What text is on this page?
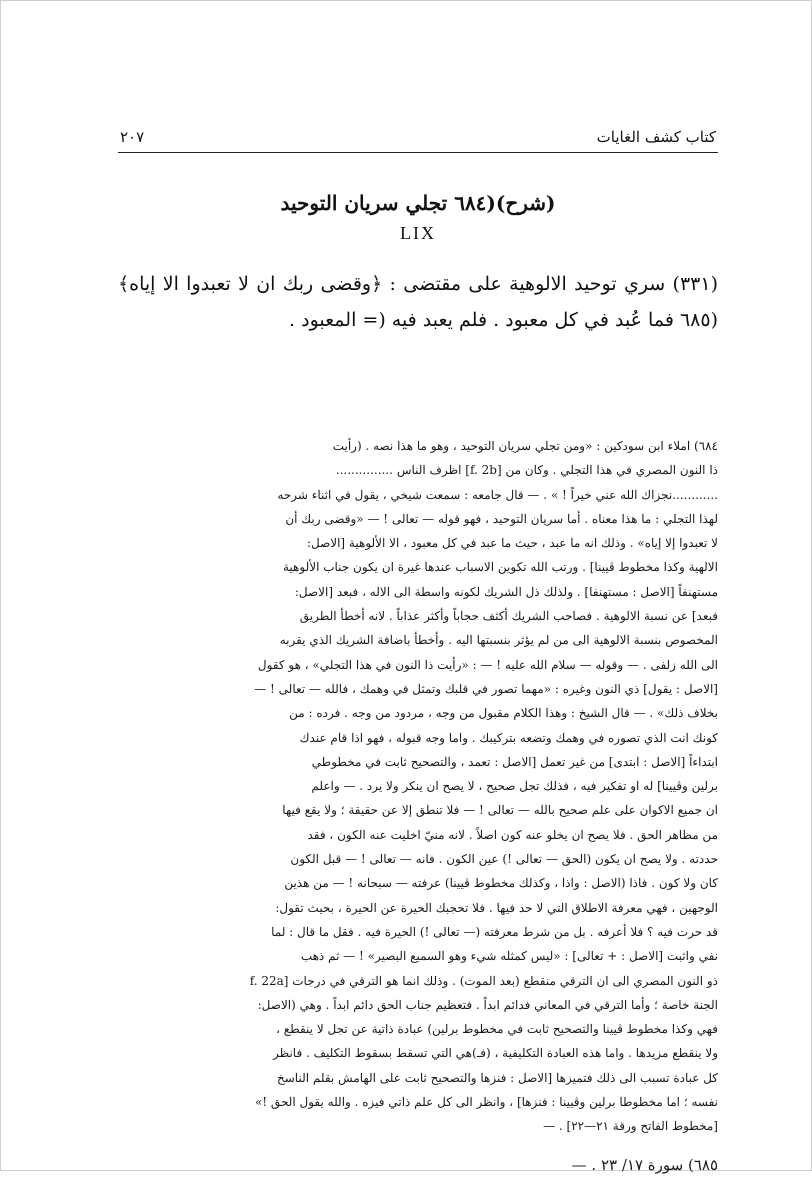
كتاب كشف الغايات
٢٠٧
(شرح)(٦٨٤ تجلي سريان التوحيد
LIX

(٣٣١) سري توحيد الالوهية على مقتضى : ﴿وقضى ربك ان لا تعبدوا الا إياه﴾(٦٨٥ فما عُبد في كل معبود . فلم يعبد فيه (= المعبود .

٦٨٤) املاء ابن سودكين : «ومن تجلي سريان التوحيد ، وهو ما هذا نصه . (رأيت
ذا النون المصري في هذا التجلي . وكان من [f. 2b] اظرف الناس ...............
............نجزاك الله عني خيراً ! » . — قال جامعه : سمعت شيخي ، يقول في اثناء شرحه
لهذا التجلي : ما هذا معناه . أما سريان التوحيد ، فهو قوله — تعالى ! — «وقضى ربك أن
لا تعبدوا إلا إياه» . وذلك انه ما عبد ، حيث ما عبد في كل معبود ، الا الألوهية [الاصل:
الالهية وكذا مخطوط ڤيينا] . ورتب الله تكوين الاسباب عندها غيرة ان يكون جناب الألوهية
مستهنفاً [الاصل : مستهنفا] . ولذلك ذل الشريك لكونه واسطة الى الاله ، فبعد [الاصل:
فبعد] عن نسبة الالوهية . فصاحب الشريك أكثف حجاباً وأكثر عذاباً . لانه أخطأ الطريق
المخصوص بنسبة الالوهية الى من لم يؤثر بنسبتها اليه . وأخطأ باضافة الشريك الذي يقربه
الى الله زلفى . — وقوله — سلام الله عليه ! — : «رأيت ذا النون في هذا التجلي» ، هو كقول
[الاصل : يقول] ذي النون وغيره : «مهما تصور في قلبك وتمثل في وهمك ، فالله — تعالى ! —
بخلاف ذلك» . — قال الشيخ : وهذا الكلام مقبول من وجه ، مردود من وجه . فرده : من
كونك انت الذي تصوره في وهمك وتضعه بتركيبك . واما وجه قبوله ، فهو اذا قام عندك
ابتداءاً [الاصل : ابتدى] من غير تعمل [الاصل : تعمد ، والتصحيح ثابت في مخطوطي
برلين وڤيينا] له او تفكير فيه ، فذلك تجل صحيح ، لا يصح ان ينكر ولا يرد . — واعلم
ان جميع الاكوان على علم صحيح بالله — تعالى ! — فلا تنطق إلا عن حقيقة ؛ ولا يقع فيها
من مظاهر الحق . فلا يصح ان يخلو عنه كون اصلاً . لانه منيّ اخليت عنه الكون ، فقد
حددته . ولا يصح ان يكون (الحق — تعالى !) عين الكون . فانه — تعالى ! — قبل الكون
كان ولا كون . فاذا (الاصل : واذا ، وكذلك مخطوط ڤيينا) عرفته — سبحانه ! — من هذين
الوجهين ، فهي معرفة الاطلاق التي لا حد فيها . فلا تحجبك الحيرة عن الحيرة ، بحيث تقول:
قد حرت فيه ؟ فلا أعرفه . بل من شرط معرفته (— تعالى !) الحيرة فيه . فقل ما قال : لما
نفي واثبت [الاصل : + تعالى] : «ليس كمثله شيء وهو السميع البصير» ! — ثم ذهب
ذو النون المصري الى ان الترقي منقطع (بعد الموت) . وذلك انما هو الترقي في درجات [f. 22a
الجنة خاصة ؛ وأما الترقي في المعاني فدائم ابداً . فتعظيم جناب الحق دائم ابداً . وهي (الاصل:
فهي وكذا مخطوط ڤيينا والتصحيح ثابت في مخطوط برلين) عبادة ذاتية عن تجل لا ينقطع ،
ولا ينقطع مزيدها . واما هذه العبادة التكليفية ، (فـ)هي التي تسقط بسقوط التكليف . فانظر
كل عبادة تسبب الى ذلك فتميزها [الاصل : فنزها والتصحيح ثابت على الهامش بقلم الناسخ
نفسه ؛ اما مخطوطا برلين وڤيينا : فنزها] ، وانظر الى كل علم ذاتي فيزه . والله يقول الحق !»
[مخطوط الفاتح ورقة ٢١—٢٢] . —
٦٨٥) سورة ١٧/ ٢٣ . —
